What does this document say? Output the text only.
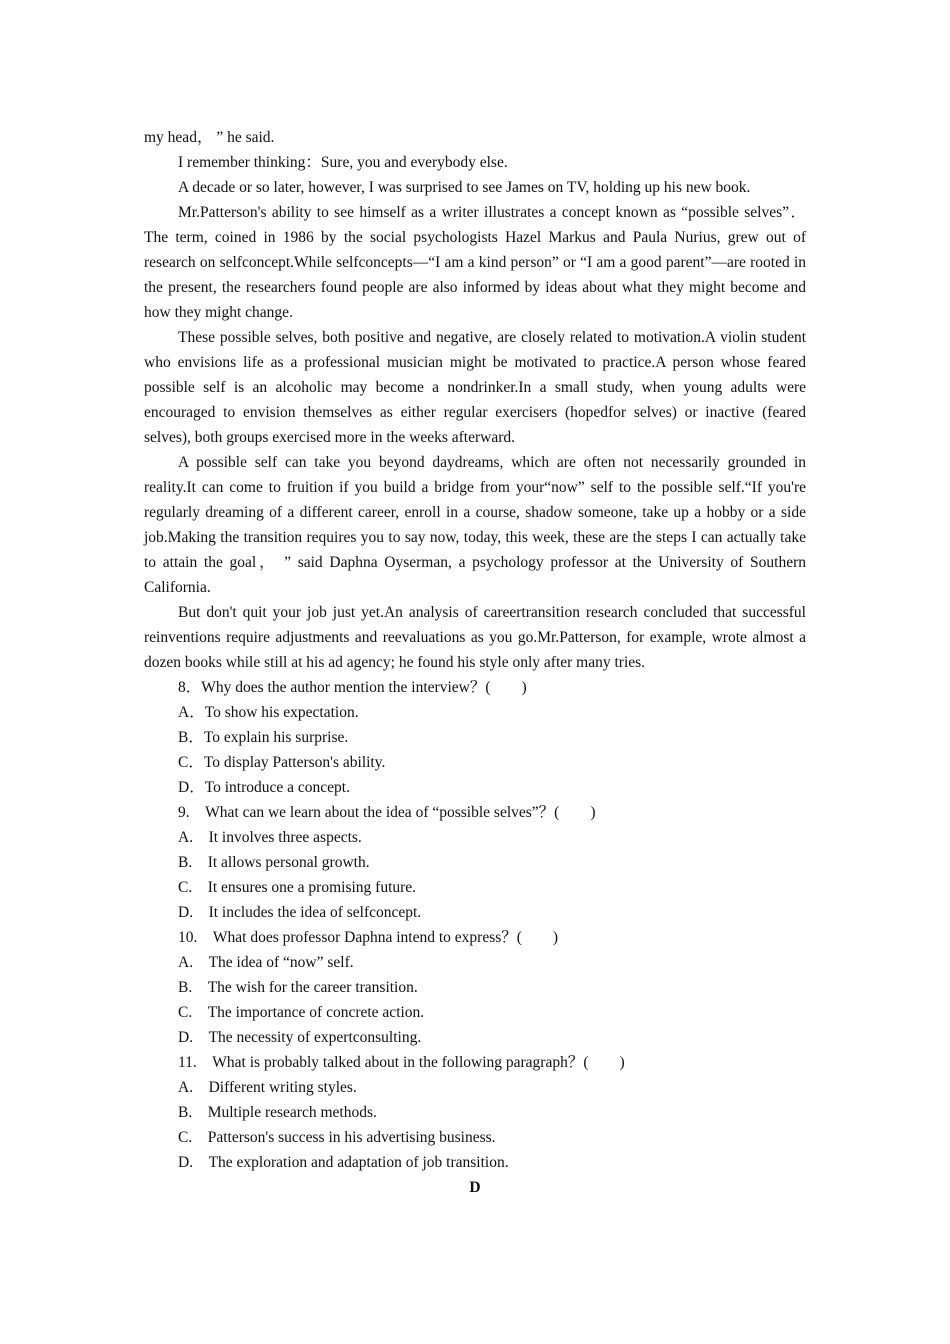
my head， ” he said.

I remember thinking：Sure, you and everybody else.

A decade or so later, however, I was surprised to see James on TV, holding up his new book.

Mr.Patterson's ability to see himself as a writer illustrates a concept known as “possible selves”． The term, coined in 1986 by the social psychologists Hazel Markus and Paula Nurius, grew out of research on selfconcept.While selfconcepts—“I am a kind person” or “I am a good parent”—are rooted in the present, the researchers found people are also informed by ideas about what they might become and how they might change.

These possible selves, both positive and negative, are closely related to motivation.A violin student who envisions life as a professional musician might be motivated to practice.A person whose feared possible self is an alcoholic may become a nondrinker.In a small study, when young adults were encouraged to envision themselves as either regular exercisers (hopedfor selves) or inactive (feared selves), both groups exercised more in the weeks afterward.

A possible self can take you beyond daydreams, which are often not necessarily grounded in reality.It can come to fruition if you build a bridge from your“now” self to the possible self.“If you're regularly dreaming of a different career, enroll in a course, shadow someone, take up a hobby or a side job.Making the transition requires you to say now, today, this week, these are the steps I can actually take to attain the goal， ” said Daphna Oyserman, a psychology professor at the University of Southern California.

But don't quit your job just yet.An analysis of careertransition research concluded that successful reinventions require adjustments and reevaluations as you go.Mr.Patterson, for example, wrote almost a dozen books while still at his ad agency; he found his style only after many tries.

8．Why does the author mention the interview？(　　)

A．To show his expectation.

B．To explain his surprise.

C．To display Patterson's ability.

D．To introduce a concept.

9.　What can we learn about the idea of “possible selves”？(　　)

A.　It involves three aspects.

B.　It allows personal growth.

C.　It ensures one a promising future.

D.　It includes the idea of selfconcept.

10.　What does professor Daphna intend to express？(　　)

A.　The idea of “now” self.

B.　The wish for the career transition.

C.　The importance of concrete action.

D.　The necessity of expertconsulting.

11.　What is probably talked about in the following paragraph？(　　)

A.　Different writing styles.

B.　Multiple research methods.

C.　Patterson's success in his advertising business.

D.　The exploration and adaptation of job transition.

D
